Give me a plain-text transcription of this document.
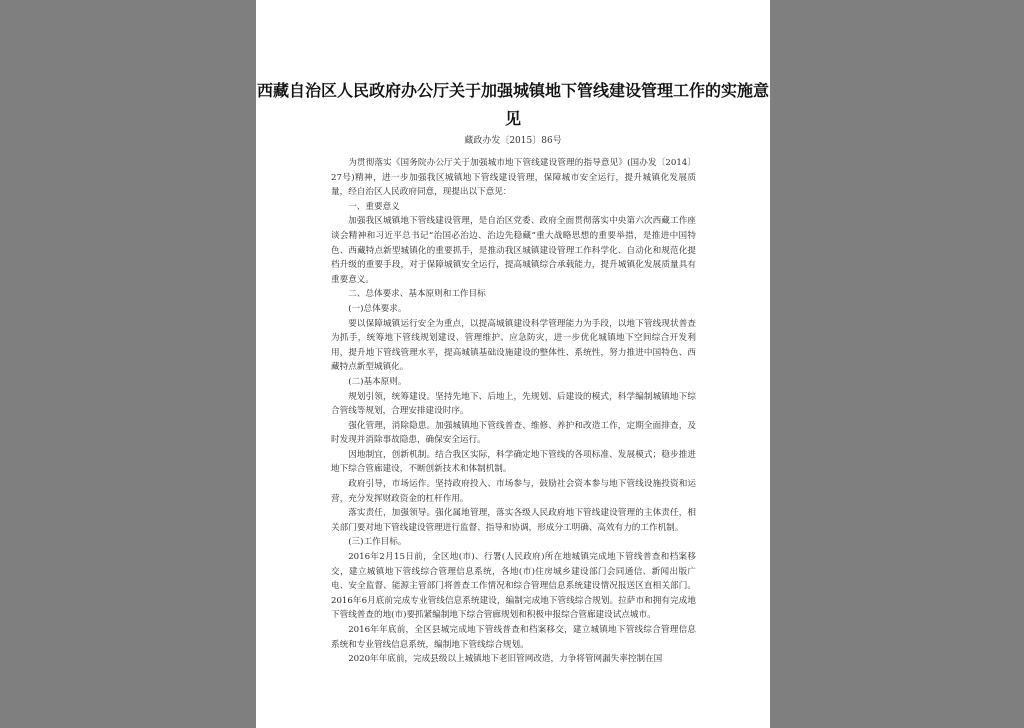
西藏自治区人民政府办公厅关于加强城镇地下管线建设管理工作的实施意见
藏政办发〔2015〕86号

为贯彻落实《国务院办公厅关于加强城市地下管线建设管理的指导意见》(国办发〔2014〕27号)精神，进一步加强我区城镇地下管线建设管理，保障城市安全运行，提升城镇化发展质量，经自治区人民政府同意，现提出以下意见：

一、重要意义

加强我区城镇地下管线建设管理，是自治区党委、政府全面贯彻落实中央第六次西藏工作座谈会精神和习近平总书记“治国必治边、治边先稳藏”重大战略思想的重要举措，是推进中国特色、西藏特点新型城镇化的重要抓手，是推动我区城镇建设管理工作科学化、自动化和规范化提档升级的重要手段，对于保障城镇安全运行，提高城镇综合承载能力，提升城镇化发展质量具有重要意义。

二、总体要求、基本原则和工作目标

(一)总体要求。

要以保障城镇运行安全为重点，以提高城镇建设科学管理能力为手段，以地下管线现状普查为抓手，统筹地下管线规划建设、管理维护、应急防灾，进一步优化城镇地下空间综合开发利用，提升地下管线管理水平，提高城镇基础设施建设的整体性、系统性，努力推进中国特色、西藏特点新型城镇化。

(二)基本原则。

规划引领，统筹建设。坚持先地下、后地上，先规划、后建设的模式，科学编制城镇地下综合管线等规划，合理安排建设时序。

强化管理，消除隐患。加强城镇地下管线普查、维修、养护和改造工作，定期全面排查，及时发现并消除事故隐患，确保安全运行。

因地制宜，创新机制。结合我区实际，科学确定地下管线的各项标准、发展模式；稳步推进地下综合管廊建设，不断创新技术和体制机制。

政府引导，市场运作。坚持政府投入、市场参与，鼓励社会资本参与地下管线设施投资和运营，充分发挥财政资金的杠杆作用。

落实责任，加强领导。强化属地管理，落实各级人民政府地下管线建设管理的主体责任，相关部门要对地下管线建设管理进行监督、指导和协调，形成分工明确、高效有力的工作机制。

(三)工作目标。

2016年2月15日前，全区地(市)、行署(人民政府)所在地城镇完成地下管线普查和档案移交，建立城镇地下管线综合管理信息系统，各地(市)住房城乡建设部门会同通信、新闻出版广电、安全监督、能源主管部门将普查工作情况和综合管理信息系统建设情况报送区直相关部门。2016年6月底前完成专业管线信息系统建设，编制完成地下管线综合规划。拉萨市和拥有完成地下管线普查的地(市)要抓紧编制地下综合管廊规划和积极申报综合管廊建设试点城市。

2016年年底前，全区县城完成地下管线普查和档案移交，建立城镇地下管线综合管理信息系统和专业管线信息系统，编制地下管线综合规划。

2020年年底前，完成县级以上城镇地下老旧管网改造，力争将管网漏失率控制在国
